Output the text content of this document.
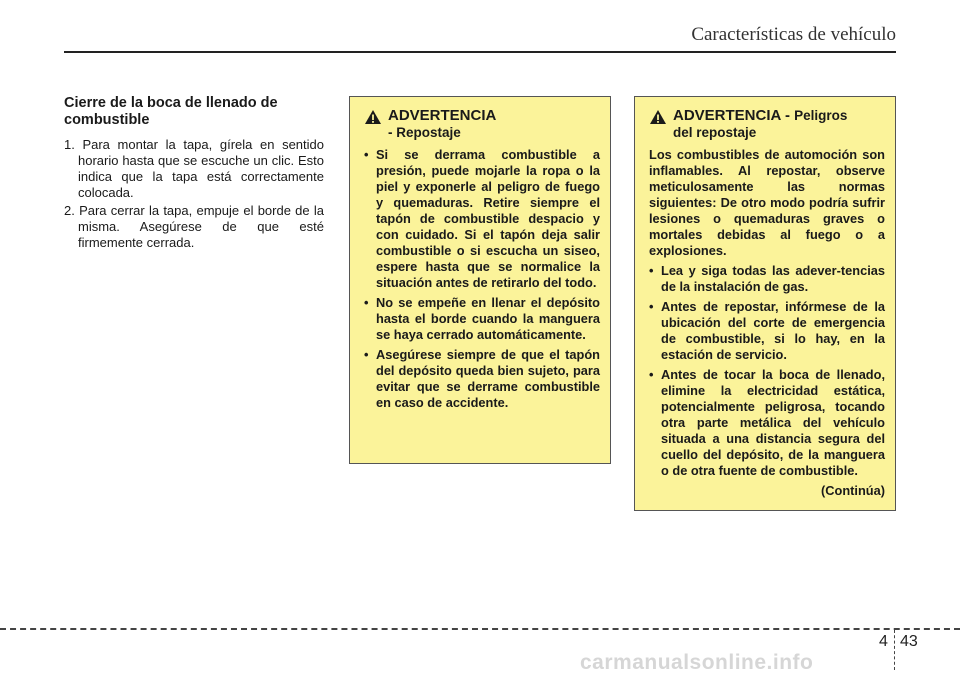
Características de vehículo
Cierre de la boca de llenado de combustible
1. Para montar la tapa, gírela en sentido horario hasta que se escuche un clic. Esto indica que la tapa está correctamente colocada.
2. Para cerrar la tapa, empuje el borde de la misma. Asegúrese de que esté firmemente cerrada.
ADVERTENCIA
- Repostaje
• Si se derrama combustible a presión, puede mojarle la ropa o la piel y exponerle al peligro de fuego y quemaduras. Retire siempre el tapón de combustible despacio y con cuidado. Si el tapón deja salir combustible o si escucha un siseo, espere hasta que se normalice la situación antes de retirarlo del todo.
• No se empeñe en llenar el depósito hasta el borde cuando la manguera se haya cerrado automáticamente.
• Asegúrese siempre de que el tapón del depósito queda bien sujeto, para evitar que se derrame combustible en caso de accidente.
ADVERTENCIA - Peligros
del repostaje

Los combustibles de automoción son inflamables. Al repostar, observe meticulosamente las normas siguientes: De otro modo podría sufrir lesiones o quemaduras graves o mortales debidas al fuego o a explosiones.

• Lea y siga todas las adever-tencias de la instalación de gas.
• Antes de repostar, infórmese de la ubicación del corte de emergencia de combustible, si lo hay, en la estación de servicio.
• Antes de tocar la boca de llenado, elimine la electricidad estática, potencialmente peligrosa, tocando otra parte metálica del vehículo situada a una distancia segura del cuello del depósito, de la manguera o de otra fuente de combustible.
(Continúa)
4 43
carmanualsonline.info
